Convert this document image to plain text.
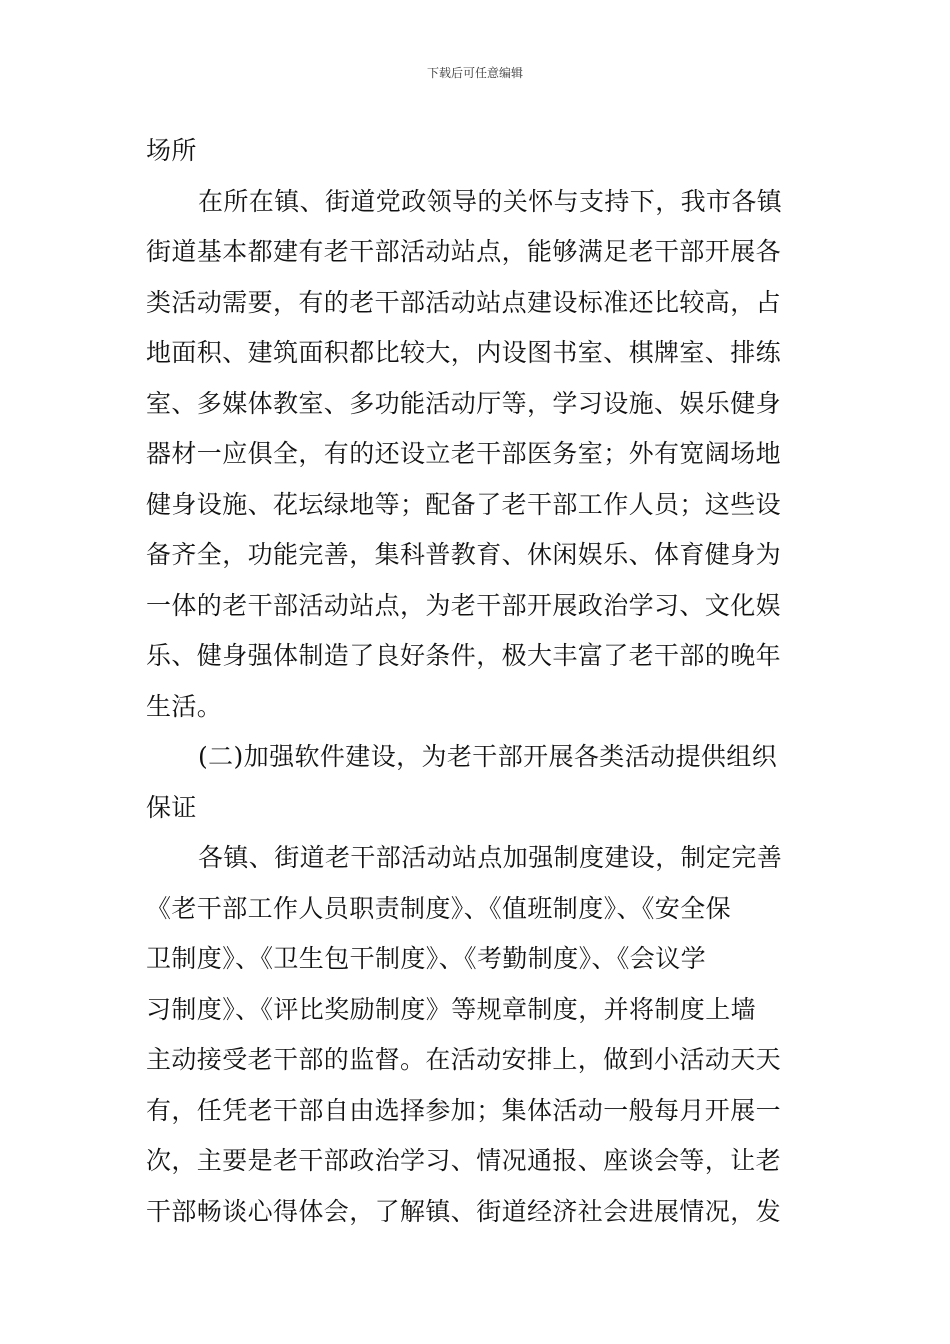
下载后可任意编辑
场所
在所在镇、街道党政领导的关怀与支持下，我市各镇
街道基本都建有老干部活动站点，能够满足老干部开展各
类活动需要，有的老干部活动站点建设标准还比较高，占
地面积、建筑面积都比较大，内设图书室、棋牌室、排练
室、多媒体教室、多功能活动厅等，学习设施、娱乐健身
器材一应俱全，有的还设立老干部医务室；外有宽阔场地
健身设施、花坛绿地等；配备了老干部工作人员；这些设
备齐全，功能完善，集科普教育、休闲娱乐、体育健身为
一体的老干部活动站点，为老干部开展政治学习、文化娱
乐、健身强体制造了良好条件，极大丰富了老干部的晚年
生活。
(二)加强软件建设，为老干部开展各类活动提供组织
保证
各镇、街道老干部活动站点加强制度建设，制定完善
《老干部工作人员职责制度》、《值班制度》、《安全保
卫制度》、《卫生包干制度》、《考勤制度》、《会议学
习制度》、《评比奖励制度》等规章制度，并将制度上墙
主动接受老干部的监督。在活动安排上，做到小活动天天
有，任凭老干部自由选择参加；集体活动一般每月开展一
次，主要是老干部政治学习、情况通报、座谈会等，让老
干部畅谈心得体会，了解镇、街道经济社会进展情况，发
